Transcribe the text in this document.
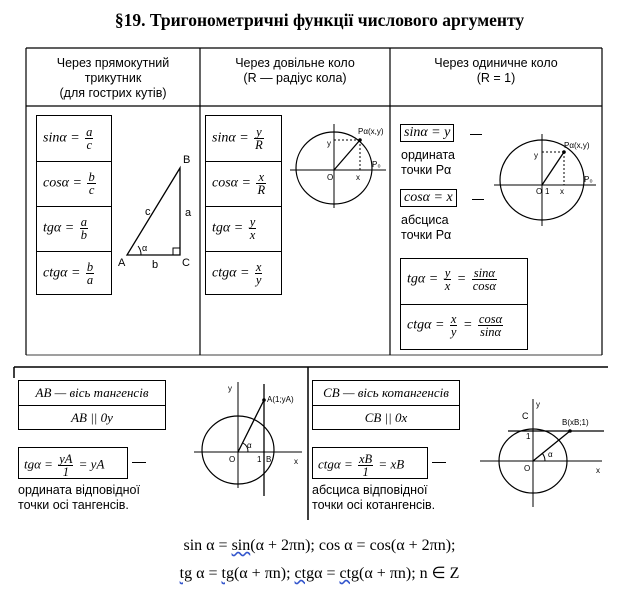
§19. Тригонометричні функції числового аргументу
Через прямокутний
трикутник
(для гострих кутів)
Через довільне коло
(R — радіус кола)
Через одиничне коло
(R = 1)
$\sin\alpha = \frac{a}{c}$
$\cos\alpha = \frac{b}{c}$
$tg\alpha = \frac{a}{b}$
$ctg\alpha = \frac{b}{a}$ A	C
B
a
b
c
α
$\sin\alpha = \frac{y}{R}$
$\cos\alpha = \frac{x}{R}$
$tg\alpha = \frac{y}{x}$
$ctg\alpha = \frac{x}{y}$
Pα(x,y)
y
x
O
P₀
sinα = y
ордината
точки Pα
cosα = x
абсциса
точки Pα
Pα(x,y)
y
x
O 1
P₀
$tg\alpha = \frac{y}{x} = \frac{\sin\alpha}{\cos\alpha}$
$ctg\alpha = \frac{x}{y} = \frac{\cos\alpha}{\sin\alpha}$
AB — вісь тангенсів
AB || 0y
$tg\alpha = \frac{yA}{1}$ = yA
ордината відповідної
точки осі тангенсів.
A(1;yA)
y
x
O	1 B
α
CB — вісь котангенсів
CB || 0x
$ctg\alpha = \frac{xB}{1}$ = xB
абсциса відповідної
точки осі котангенсів.
B(xB;1)
C
y
x
O
1
α
sin α = sin(α + 2πn); cos α = cos(α + 2πn);
tg α = tg(α + πn); ctgα = ctg(α + πn); n ∈ Z
